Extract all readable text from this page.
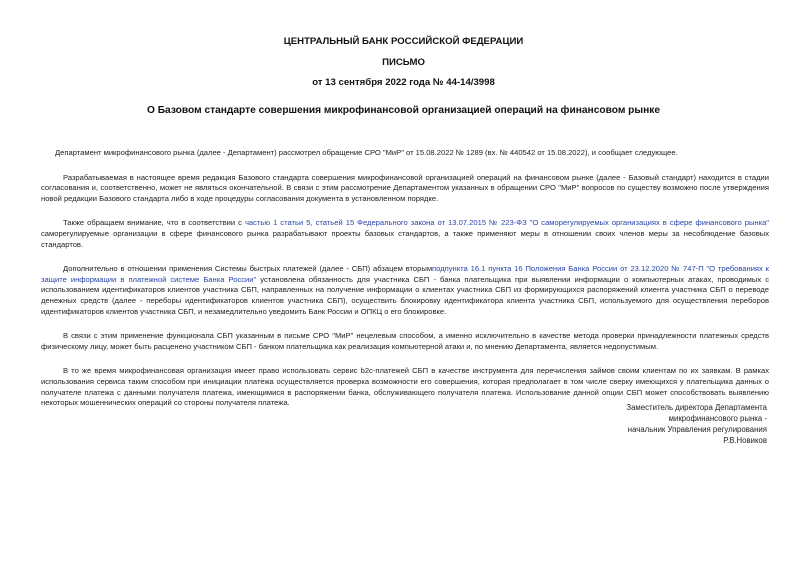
ЦЕНТРАЛЬНЫЙ БАНК РОССИЙСКОЙ ФЕДЕРАЦИИ
ПИСЬМО
от 13 сентября 2022 года № 44-14/3998
О Базовом стандарте совершения микрофинансовой организацией операций на финансовом рынке

Департамент микрофинансового рынка (далее - Департамент) рассмотрел обращение СРО "МиР" от 15.08.2022 № 1289 (вх. № 440542 от 15.08.2022), и сообщает следующее.

Разрабатываемая в настоящее время редакция Базового стандарта совершения микрофинансовой организацией операций на финансовом рынке (далее - Базовый стандарт) находится в стадии согласования и, соответственно, может не являться окончательной. В связи с этим рассмотрение Департаментом указанных в обращении СРО "МиР" вопросов по существу возможно после утверждения новой редакции Базового стандарта либо в ходе процедуры согласования документа в установленном порядке.

Также обращаем внимание, что в соответствии с частью 1 статьи 5, статьей 15 Федерального закона от 13.07.2015 № 223-ФЗ "О саморегулируемых организациях в сфере финансового рынка" саморегулируемые организации в сфере финансового рынка разрабатывают проекты базовых стандартов, а также применяют меры в отношении своих членов меры за несоблюдение базовых стандартов.

Дополнительно в отношении применения Системы быстрых платежей (далее - СБП) абзацем вторымподпункта 16.1 пункта 16 Положения Банка России от 23.12.2020 № 747-П "О требованиях к защите информации в платежной системе Банка России" установлена обязанность для участника СБП - банка плательщика при выявлении информации о компьютерных атаках, проводимых с использованием идентификаторов клиентов участника СБП, направленных на получение информации о клиентах участника СБП из формирующихся распоряжений клиента участника СБП о переводе денежных средств (далее - переборы идентификаторов клиентов участника СБП), осуществить блокировку идентификатора клиента участника СБП, используемого для осуществления переборов идентификаторов клиентов участника СБП, и незамедлительно уведомить Банк России и ОПКЦ о его блокировке.

В связи с этим применение функционала СБП указанным в письме СРО "МиР" нецелевым способом, а именно исключительно в качестве метода проверки принадлежности платежных средств физическому лицу, может быть расценено участником СБП - банком плательщика как реализация компьютерной атаки и, по мнению Департамента, является недопустимым.

В то же время микрофинансовая организация имеет право использовать сервис b2c-платежей СБП в качестве инструмента для перечисления займов своим клиентам по их заявкам. В рамках использования сервиса таким способом при инициации платежа осуществляется проверка возможности его совершения, которая предполагает в том числе сверку имеющихся у плательщика данных о получателе платежа с данными получателя платежа, имеющимися в распоряжении банка, обслуживающего получателя платежа. Использование данной опции СБП может способствовать выявлению некоторых мошеннических операций со стороны получателя платежа.

Заместитель директора Департамента
микрофинансового рынка -
начальник Управления регулирования
Р.В.Новиков
